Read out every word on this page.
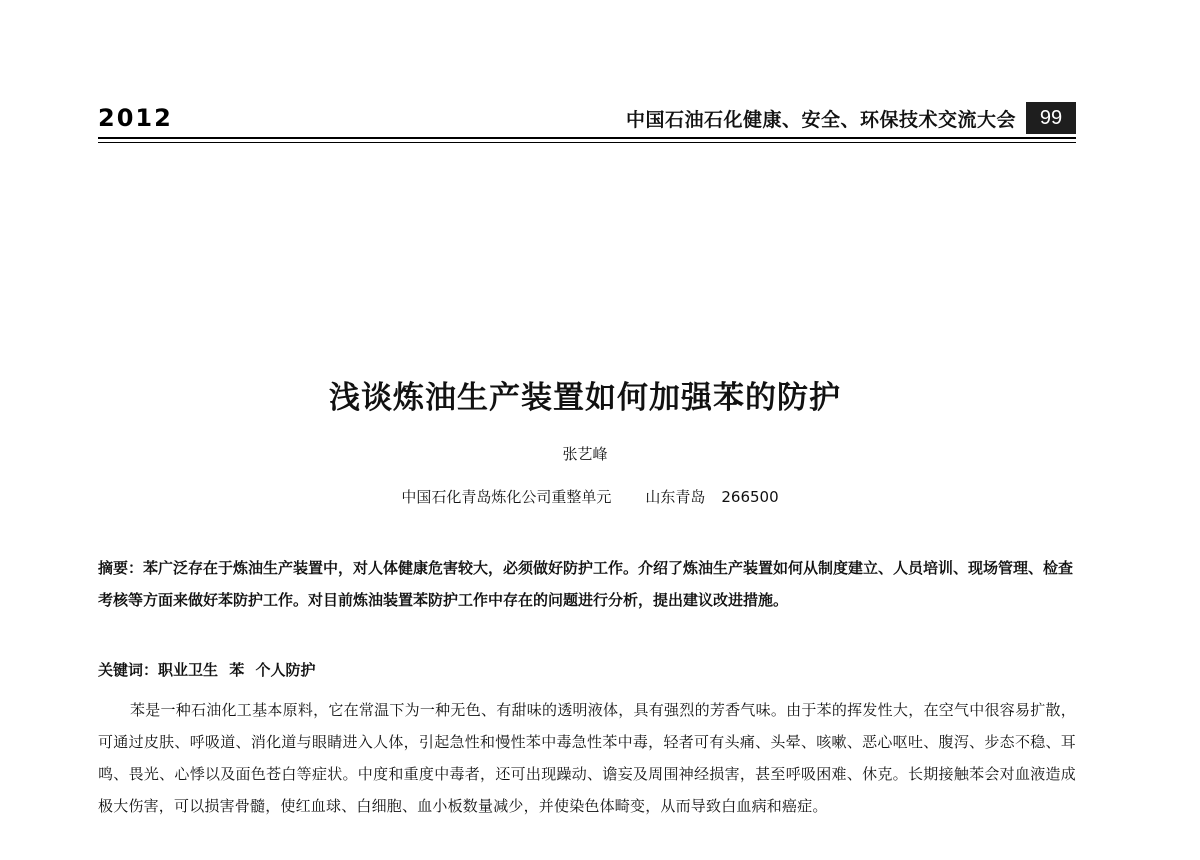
2012	中国石油石化健康、安全、环保技术交流大会	99
浅谈炼油生产装置如何加强苯的防护
张艺峰
中国石化青岛炼化公司重整单元 山东青岛 266500

摘要：苯广泛存在于炼油生产装置中，对人体健康危害较大，必须做好防护工作。介绍了炼油生产装置如何从制度建立、人员培训、现场管理、检查考核等方面来做好苯防护工作。对目前炼油装置苯防护工作中存在的问题进行分析，提出建议改进措施。

关键词：职业卫生 苯 个人防护

苯是一种石油化工基本原料，它在常温下为一种无色、有甜味的透明液体，具有强烈的芳香气味。由于苯的挥发性大，在空气中很容易扩散，可通过皮肤、呼吸道、消化道与眼睛进入人体，引起急性和慢性苯中毒急性苯中毒，轻者可有头痛、头晕、咳嗽、恶心呕吐、腹泻、步态不稳、耳鸣、畏光、心悸以及面色苍白等症状。中度和重度中毒者，还可出现躁动、谵妄及周围神经损害，甚至呼吸困难、休克。长期接触苯会对血液造成极大伤害，可以损害骨髓，使红血球、白细胞、血小板数量减少，并使染色体畸变，从而导致白血病和癌症。
